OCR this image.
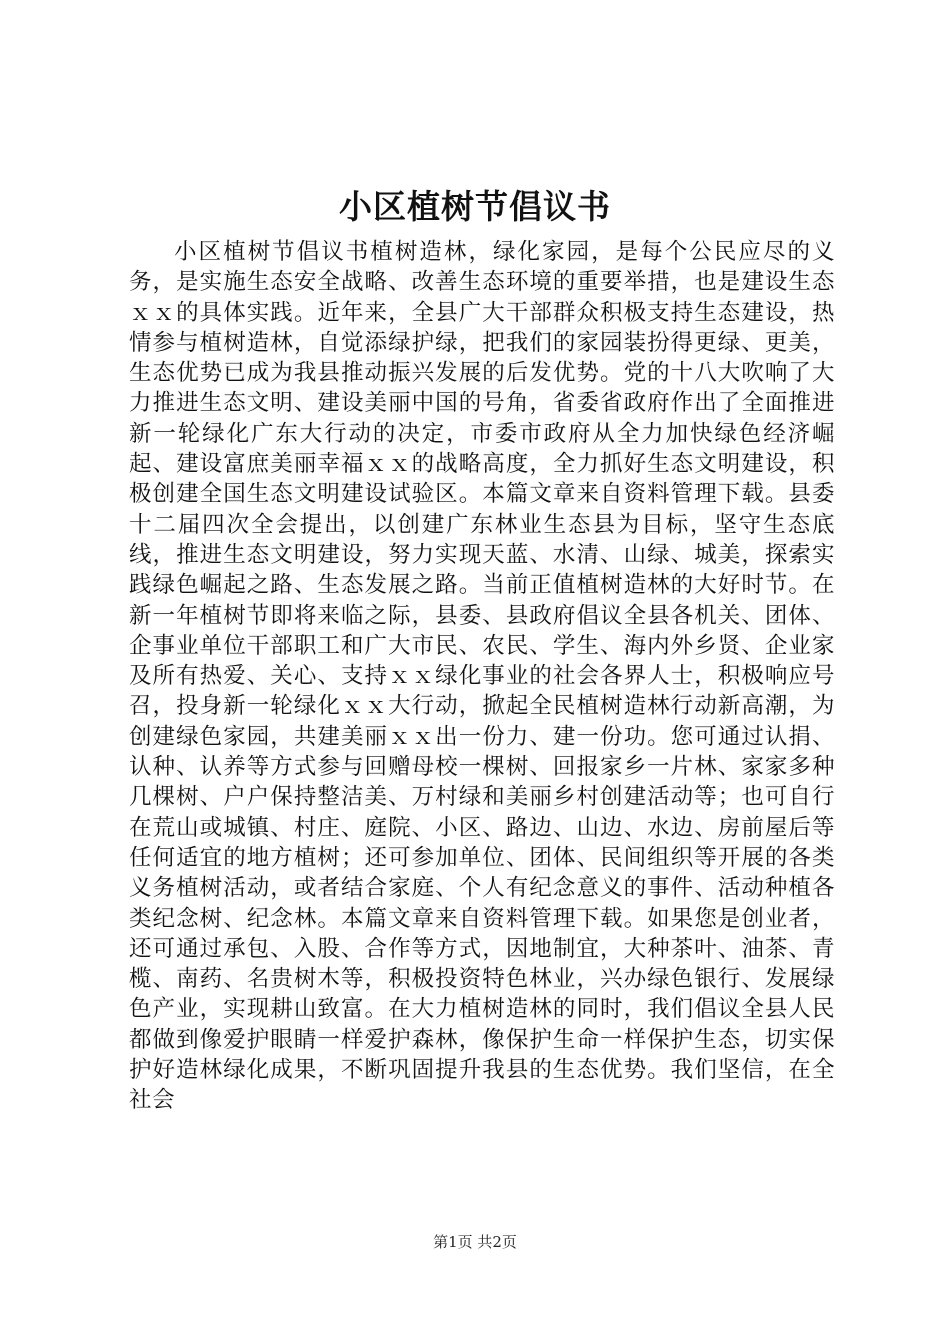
小区植树节倡议书

小区植树节倡议书植树造林，绿化家园，是每个公民应尽的义务，是实施生态安全战略、改善生态环境的重要举措，也是建设生态ｘｘ的具体实践。近年来，全县广大干部群众积极支持生态建设，热情参与植树造林，自觉添绿护绿，把我们的家园装扮得更绿、更美，生态优势已成为我县推动振兴发展的后发优势。党的十八大吹响了大力推进生态文明、建设美丽中国的号角，省委省政府作出了全面推进新一轮绿化广东大行动的决定，市委市政府从全力加快绿色经济崛起、建设富庶美丽幸福ｘｘ的战略高度，全力抓好生态文明建设，积极创建全国生态文明建设试验区。本篇文章来自资料管理下载。县委十二届四次全会提出，以创建广东林业生态县为目标，坚守生态底线，推进生态文明建设，努力实现天蓝、水清、山绿、城美，探索实践绿色崛起之路、生态发展之路。当前正值植树造林的大好时节。在新一年植树节即将来临之际，县委、县政府倡议全县各机关、团体、企事业单位干部职工和广大市民、农民、学生、海内外乡贤、企业家及所有热爱、关心、支持ｘｘ绿化事业的社会各界人士，积极响应号召，投身新一轮绿化ｘｘ大行动，掀起全民植树造林行动新高潮，为创建绿色家园，共建美丽ｘｘ出一份力、建一份功。您可通过认捐、认种、认养等方式参与回赠母校一棵树、回报家乡一片林、家家多种几棵树、户户保持整洁美、万村绿和美丽乡村创建活动等；也可自行在荒山或城镇、村庄、庭院、小区、路边、山边、水边、房前屋后等任何适宜的地方植树；还可参加单位、团体、民间组织等开展的各类义务植树活动，或者结合家庭、个人有纪念意义的事件、活动种植各类纪念树、纪念林。本篇文章来自资料管理下载。如果您是创业者，还可通过承包、入股、合作等方式，因地制宜，大种茶叶、油茶、青榄、南药、名贵树木等，积极投资特色林业，兴办绿色银行、发展绿色产业，实现耕山致富。在大力植树造林的同时，我们倡议全县人民都做到像爱护眼睛一样爱护森林，像保护生命一样保护生态，切实保护好造林绿化成果，不断巩固提升我县的生态优势。我们坚信，在全社会

第1页 共2页
